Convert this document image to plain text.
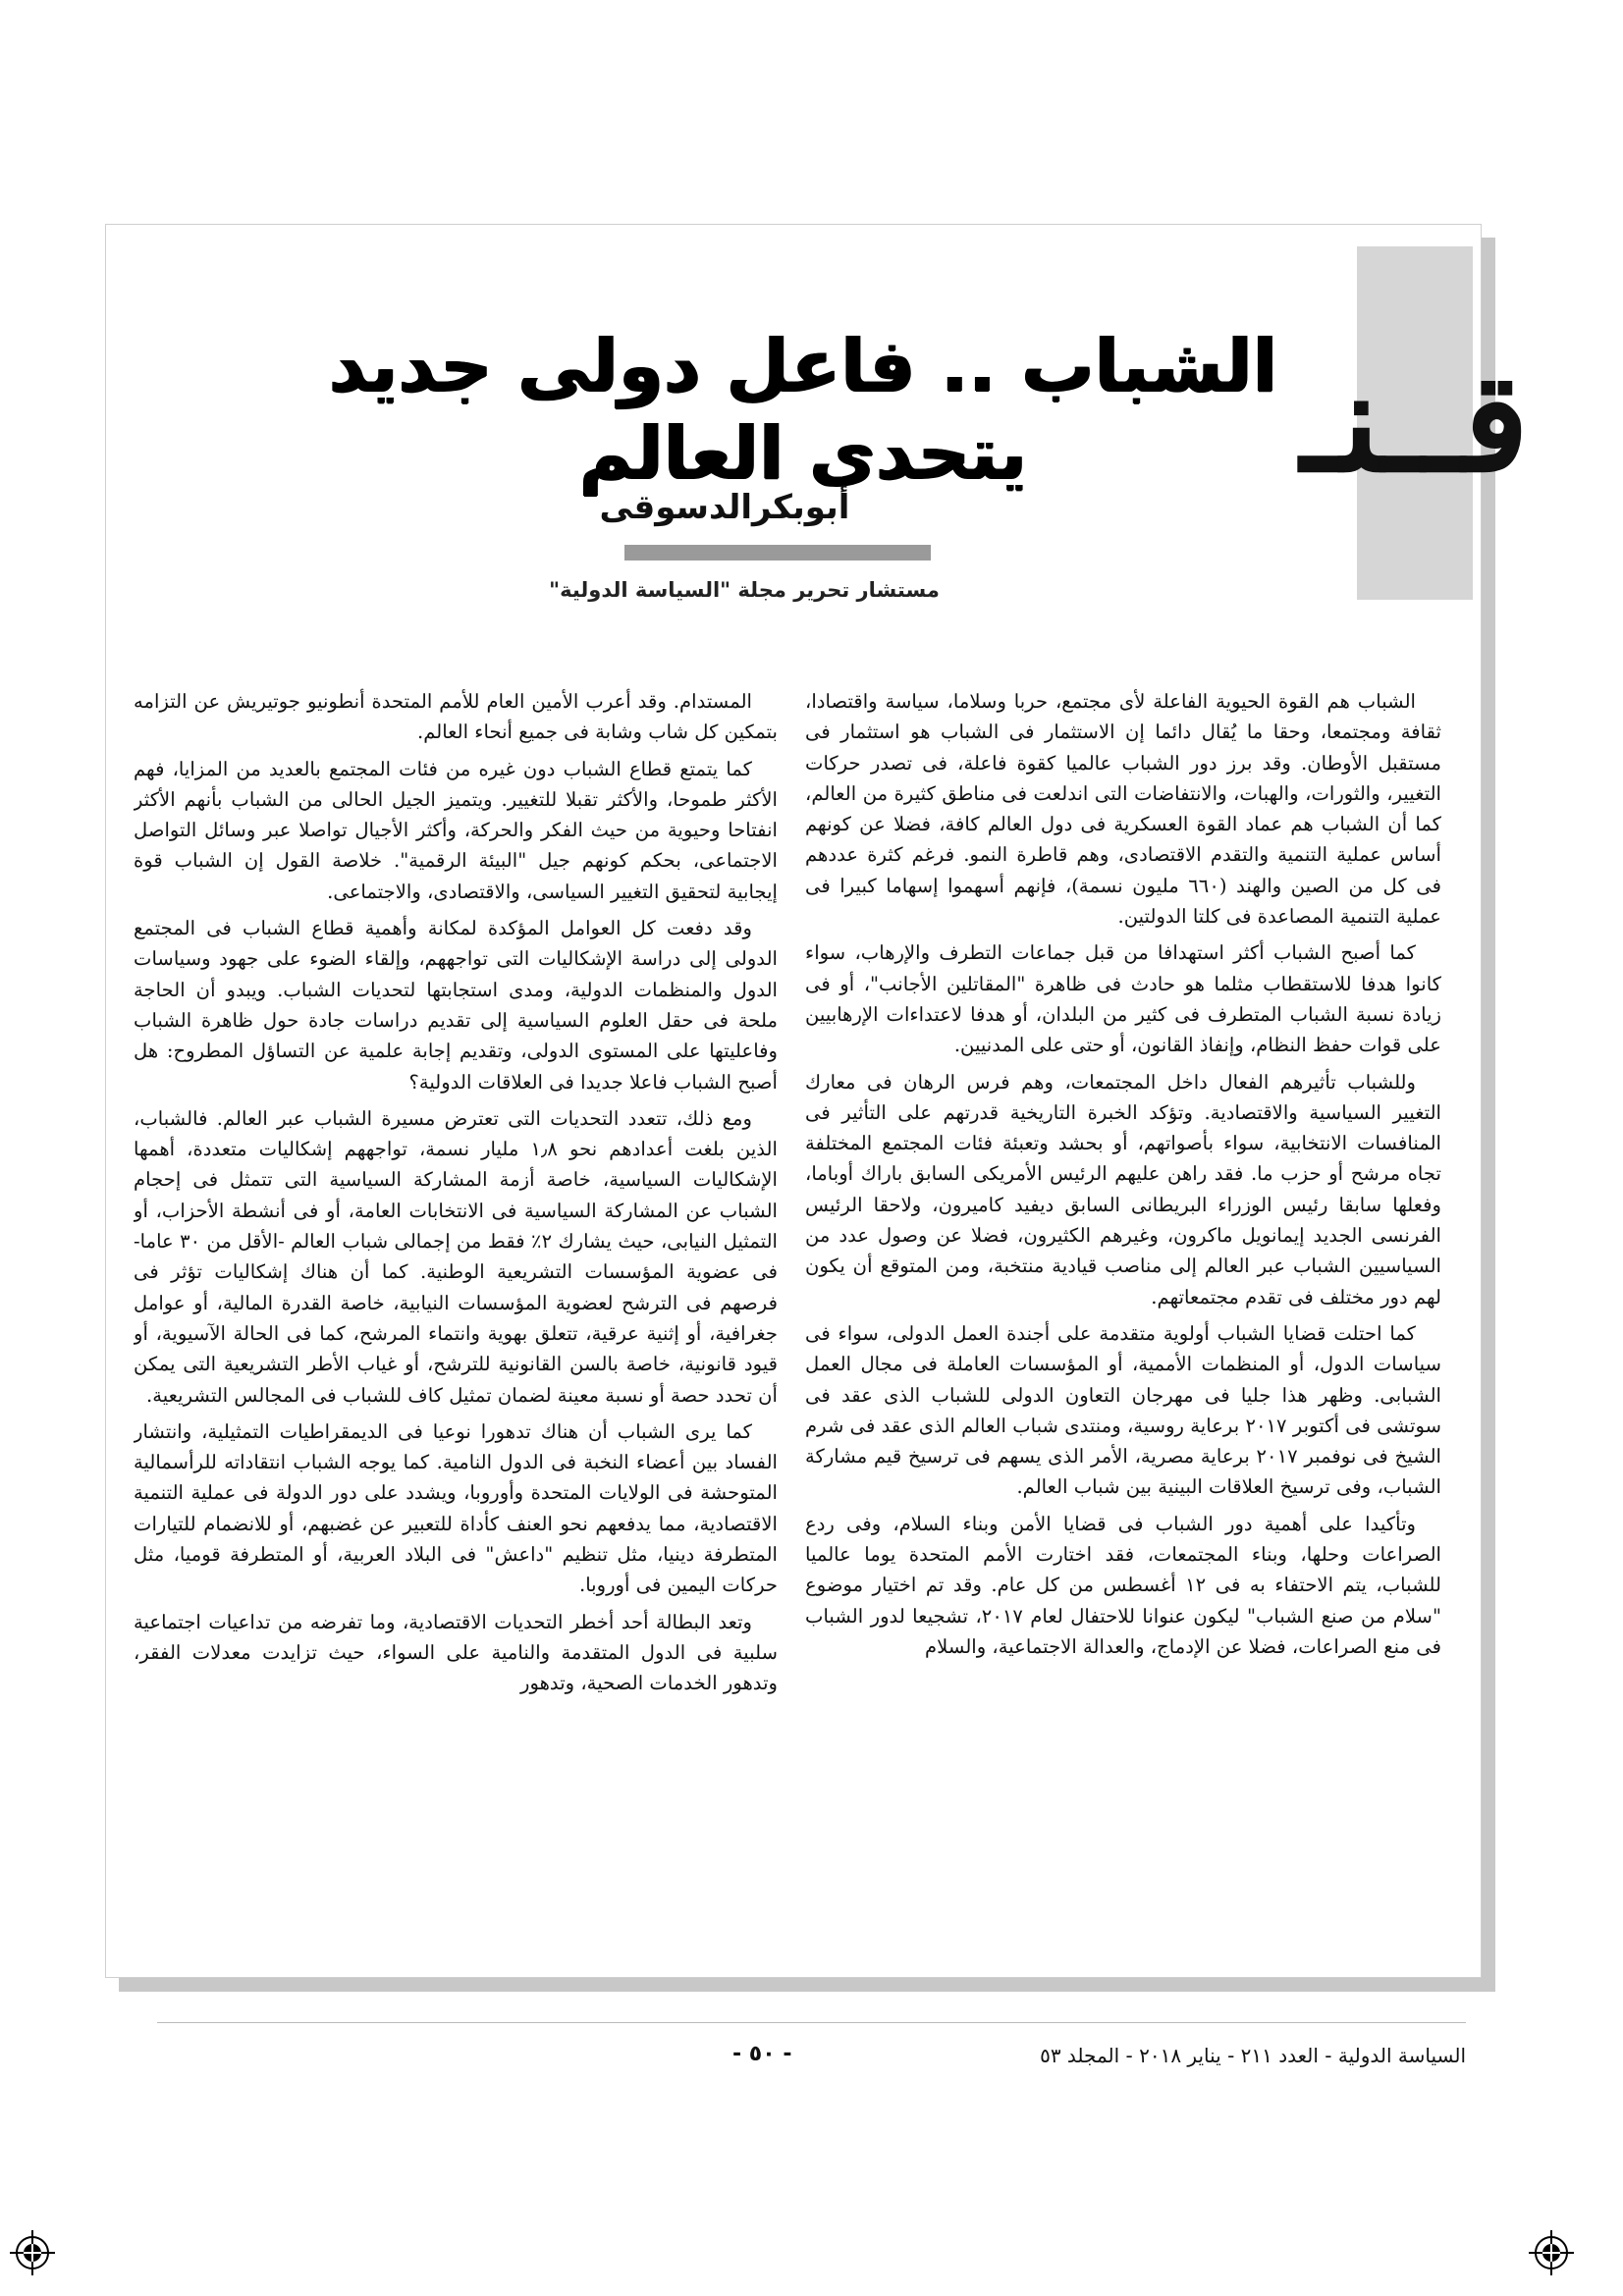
قــنـ
الشباب .. فاعل دولى جديد يتحدى العالم
أبوبكرالدسوقى
مستشار تحرير مجلة "السياسة الدولية"

الشباب هم القوة الحيوية الفاعلة لأى مجتمع، حربا وسلاما، سياسة واقتصادا، ثقافة ومجتمعا، وحقا ما يُقال دائما إن الاستثمار فى الشباب هو استثمار فى مستقبل الأوطان. وقد برز دور الشباب عالميا كقوة فاعلة، فى تصدر حركات التغيير، والثورات، والهبات، والانتفاضات التى اندلعت فى مناطق كثيرة من العالم، كما أن الشباب هم عماد القوة العسكرية فى دول العالم كافة، فضلا عن كونهم أساس عملية التنمية والتقدم الاقتصادى، وهم قاطرة النمو. فرغم كثرة عددهم فى كل من الصين والهند (٦٦٠ مليون نسمة)، فإنهم أسهموا إسهاما كبيرا فى عملية التنمية المصاعدة فى كلتا الدولتين.

كما أصبح الشباب أكثر استهدافا من قبل جماعات التطرف والإرهاب، سواء كانوا هدفا للاستقطاب مثلما هو حادث فى ظاهرة "المقاتلين الأجانب"، أو فى زيادة نسبة الشباب المتطرف فى كثير من البلدان، أو هدفا لاعتداءات الإرهابيين على قوات حفظ النظام، وإنفاذ القانون، أو حتى على المدنيين.

وللشباب تأثيرهم الفعال داخل المجتمعات، وهم فرس الرهان فى معارك التغيير السياسية والاقتصادية. وتؤكد الخبرة التاريخية قدرتهم على التأثير فى المنافسات الانتخابية، سواء بأصواتهم، أو بحشد وتعبئة فئات المجتمع المختلفة تجاه مرشح أو حزب ما. فقد راهن عليهم الرئيس الأمريكى السابق باراك أوباما، وفعلها سابقا رئيس الوزراء البريطانى السابق ديفيد كاميرون، ولاحقا الرئيس الفرنسى الجديد إيمانويل ماكرون، وغيرهم الكثيرون، فضلا عن وصول عدد من السياسيين الشباب عبر العالم إلى مناصب قيادية منتخبة، ومن المتوقع أن يكون لهم دور مختلف فى تقدم مجتمعاتهم.

كما احتلت قضايا الشباب أولوية متقدمة على أجندة العمل الدولى، سواء فى سياسات الدول، أو المنظمات الأممية، أو المؤسسات العاملة فى مجال العمل الشبابى. وظهر هذا جليا فى مهرجان التعاون الدولى للشباب الذى عقد فى سوتشى فى أكتوبر ٢٠١٧ برعاية روسية، ومنتدى شباب العالم الذى عقد فى شرم الشيخ فى نوفمبر ٢٠١٧ برعاية مصرية، الأمر الذى يسهم فى ترسيخ قيم مشاركة الشباب، وفى ترسيخ العلاقات البينية بين شباب العالم.

وتأكيدا على أهمية دور الشباب فى قضايا الأمن وبناء السلام، وفى ردع الصراعات وحلها، وبناء المجتمعات، فقد اختارت الأمم المتحدة يوما عالميا للشباب، يتم الاحتفاء به فى ١٢ أغسطس من كل عام. وقد تم اختيار موضوع "سلام من صنع الشباب" ليكون عنوانا للاحتفال لعام ٢٠١٧، تشجيعا لدور الشباب فى منع الصراعات، فضلا عن الإدماج، والعدالة الاجتماعية، والسلام

المستدام. وقد أعرب الأمين العام للأمم المتحدة أنطونيو جوتيريش عن التزامه بتمكين كل شاب وشابة فى جميع أنحاء العالم.

كما يتمتع قطاع الشباب دون غيره من فئات المجتمع بالعديد من المزايا، فهم الأكثر طموحا، والأكثر تقبلا للتغيير. ويتميز الجيل الحالى من الشباب بأنهم الأكثر انفتاحا وحيوية من حيث الفكر والحركة، وأكثر الأجيال تواصلا عبر وسائل التواصل الاجتماعى، بحكم كونهم جيل "البيئة الرقمية". خلاصة القول إن الشباب قوة إيجابية لتحقيق التغيير السياسى، والاقتصادى، والاجتماعى.

وقد دفعت كل العوامل المؤكدة لمكانة وأهمية قطاع الشباب فى المجتمع الدولى إلى دراسة الإشكاليات التى تواجههم، وإلقاء الضوء على جهود وسياسات الدول والمنظمات الدولية، ومدى استجابتها لتحديات الشباب. ويبدو أن الحاجة ملحة فى حقل العلوم السياسية إلى تقديم دراسات جادة حول ظاهرة الشباب وفاعليتها على المستوى الدولى، وتقديم إجابة علمية عن التساؤل المطروح: هل أصبح الشباب فاعلا جديدا فى العلاقات الدولية؟

ومع ذلك، تتعدد التحديات التى تعترض مسيرة الشباب عبر العالم. فالشباب، الذين بلغت أعدادهم نحو ١٫٨ مليار نسمة، تواجههم إشكاليات متعددة، أهمها الإشكاليات السياسية، خاصة أزمة المشاركة السياسية التى تتمثل فى إحجام الشباب عن المشاركة السياسية فى الانتخابات العامة، أو فى أنشطة الأحزاب، أو التمثيل النيابى، حيث يشارك ٢٪ فقط من إجمالى شباب العالم -الأقل من ٣٠ عاما- فى عضوية المؤسسات التشريعية الوطنية. كما أن هناك إشكاليات تؤثر فى فرصهم فى الترشح لعضوية المؤسسات النيابية، خاصة القدرة المالية، أو عوامل جغرافية، أو إثنية عرقية، تتعلق بهوية وانتماء المرشح، كما فى الحالة الآسيوية، أو قيود قانونية، خاصة بالسن القانونية للترشح، أو غياب الأطر التشريعية التى يمكن أن تحدد حصة أو نسبة معينة لضمان تمثيل كاف للشباب فى المجالس التشريعية.

كما يرى الشباب أن هناك تدهورا نوعيا فى الديمقراطيات التمثيلية، وانتشار الفساد بين أعضاء النخبة فى الدول النامية. كما يوجه الشباب انتقاداته للرأسمالية المتوحشة فى الولايات المتحدة وأوروبا، ويشدد على دور الدولة فى عملية التنمية الاقتصادية، مما يدفعهم نحو العنف كأداة للتعبير عن غضبهم، أو للانضمام للتيارات المتطرفة دينيا، مثل تنظيم "داعش" فى البلاد العربية، أو المتطرفة قوميا، مثل حركات اليمين فى أوروبا.

وتعد البطالة أحد أخطر التحديات الاقتصادية، وما تفرضه من تداعيات اجتماعية سلبية فى الدول المتقدمة والنامية على السواء، حيث تزايدت معدلات الفقر، وتدهور الخدمات الصحية، وتدهور

السياسة الدولية - العدد ٢١١ - يناير ٢٠١٨ - المجلد ٥٣
- ٥٠ -
